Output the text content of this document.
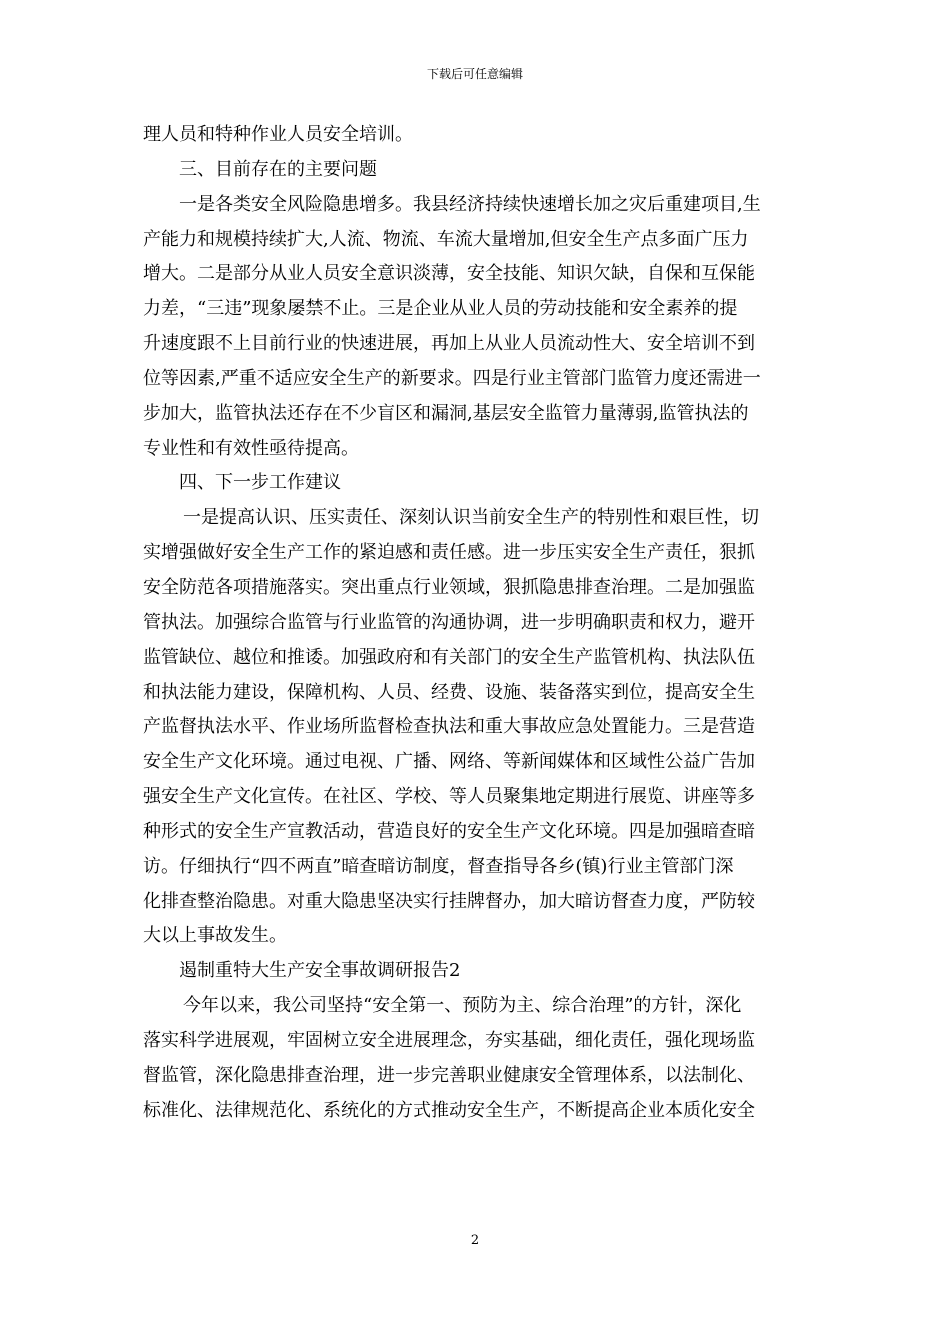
下载后可任意编辑
理人员和特种作业人员安全培训。
三、目前存在的主要问题
一是各类安全风险隐患增多。我县经济持续快速增长加之灾后重建项目,生
产能力和规模持续扩大,人流、物流、车流大量增加,但安全生产点多面广压力
增大。二是部分从业人员安全意识淡薄，安全技能、知识欠缺，自保和互保能
力差，“三违”现象屡禁不止。三是企业从业人员的劳动技能和安全素养的提
升速度跟不上目前行业的快速进展，再加上从业人员流动性大、安全培训不到
位等因素,严重不适应安全生产的新要求。四是行业主管部门监管力度还需进一
步加大，监管执法还存在不少盲区和漏洞,基层安全监管力量薄弱,监管执法的
专业性和有效性亟待提高。
四、下一步工作建议
一是提高认识、压实责任、深刻认识当前安全生产的特别性和艰巨性，切
实增强做好安全生产工作的紧迫感和责任感。进一步压实安全生产责任，狠抓
安全防范各项措施落实。突出重点行业领域，狠抓隐患排查治理。二是加强监
管执法。加强综合监管与行业监管的沟通协调，进一步明确职责和权力，避开
监管缺位、越位和推诿。加强政府和有关部门的安全生产监管机构、执法队伍
和执法能力建设，保障机构、人员、经费、设施、装备落实到位，提高安全生
产监督执法水平、作业场所监督检查执法和重大事故应急处置能力。三是营造
安全生产文化环境。通过电视、广播、网络、等新闻媒体和区域性公益广告加
强安全生产文化宣传。在社区、学校、等人员聚集地定期进行展览、讲座等多
种形式的安全生产宣教活动，营造良好的安全生产文化环境。四是加强暗查暗
访。仔细执行“四不两直”暗查暗访制度，督查指导各乡(镇)行业主管部门深
化排查整治隐患。对重大隐患坚决实行挂牌督办，加大暗访督查力度，严防较
大以上事故发生。
遏制重特大生产安全事故调研报告2
今年以来，我公司坚持“安全第一、预防为主、综合治理”的方针，深化
落实科学进展观，牢固树立安全进展理念，夯实基础，细化责任，强化现场监
督监管，深化隐患排查治理，进一步完善职业健康安全管理体系，以法制化、
标准化、法律规范化、系统化的方式推动安全生产，不断提高企业本质化安全
2
